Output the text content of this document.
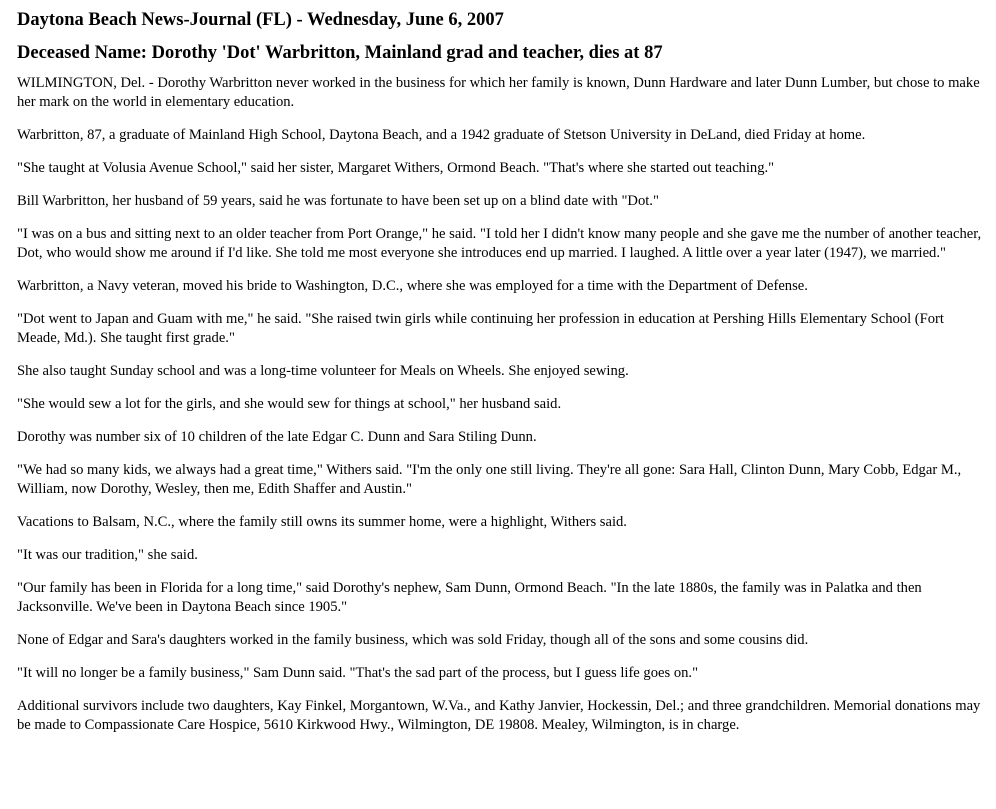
Daytona Beach News-Journal (FL) - Wednesday, June 6, 2007
Deceased Name: Dorothy 'Dot' Warbritton, Mainland grad and teacher, dies at 87

WILMINGTON, Del. - Dorothy Warbritton never worked in the business for which her family is known, Dunn Hardware and later Dunn Lumber, but chose to make her mark on the world in elementary education.

Warbritton, 87, a graduate of Mainland High School, Daytona Beach, and a 1942 graduate of Stetson University in DeLand, died Friday at home.

"She taught at Volusia Avenue School," said her sister, Margaret Withers, Ormond Beach. "That's where she started out teaching."

Bill Warbritton, her husband of 59 years, said he was fortunate to have been set up on a blind date with "Dot."

"I was on a bus and sitting next to an older teacher from Port Orange," he said. "I told her I didn't know many people and she gave me the number of another teacher, Dot, who would show me around if I'd like. She told me most everyone she introduces end up married. I laughed. A little over a year later (1947), we married."

Warbritton, a Navy veteran, moved his bride to Washington, D.C., where she was employed for a time with the Department of Defense.

"Dot went to Japan and Guam with me," he said. "She raised twin girls while continuing her profession in education at Pershing Hills Elementary School (Fort Meade, Md.). She taught first grade."

She also taught Sunday school and was a long-time volunteer for Meals on Wheels. She enjoyed sewing.

"She would sew a lot for the girls, and she would sew for things at school," her husband said.

Dorothy was number six of 10 children of the late Edgar C. Dunn and Sara Stiling Dunn.

"We had so many kids, we always had a great time," Withers said. "I'm the only one still living. They're all gone: Sara Hall, Clinton Dunn, Mary Cobb, Edgar M., William, now Dorothy, Wesley, then me, Edith Shaffer and Austin."

Vacations to Balsam, N.C., where the family still owns its summer home, were a highlight, Withers said.

"It was our tradition," she said.

"Our family has been in Florida for a long time," said Dorothy's nephew, Sam Dunn, Ormond Beach. "In the late 1880s, the family was in Palatka and then Jacksonville. We've been in Daytona Beach since 1905."

None of Edgar and Sara's daughters worked in the family business, which was sold Friday, though all of the sons and some cousins did.

"It will no longer be a family business," Sam Dunn said. "That's the sad part of the process, but I guess life goes on."

Additional survivors include two daughters, Kay Finkel, Morgantown, W.Va., and Kathy Janvier, Hockessin, Del.; and three grandchildren. Memorial donations may be made to Compassionate Care Hospice, 5610 Kirkwood Hwy., Wilmington, DE 19808. Mealey, Wilmington, is in charge.
